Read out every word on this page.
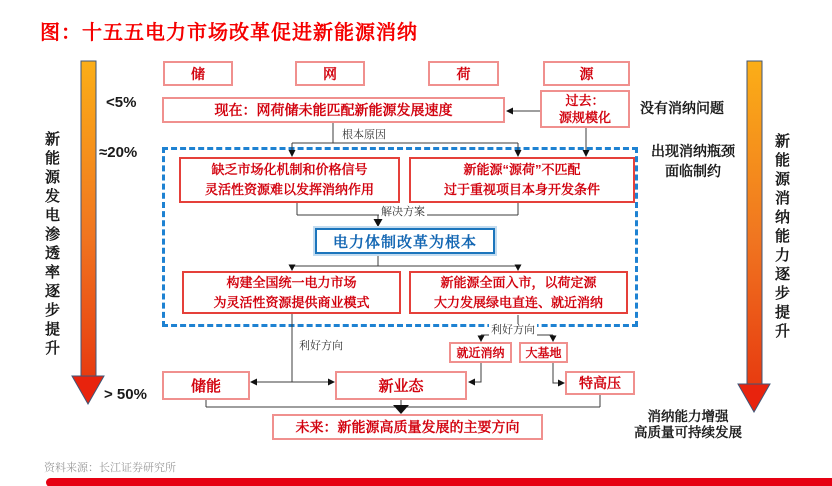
图：十五五电力市场改革促进新能源消纳
新能源发电渗透率逐步提升
<5%
≈20%
> 50%
新能源消纳能力逐步提升
没有消纳问题
出现消纳瓶颈
面临制约
消纳能力增强
高质量可持续发展
储	网	荷	源
现在：网荷储未能匹配新能源发展速度
过去：
源规模化
缺乏市场化机制和价格信号
灵活性资源难以发挥消纳作用
新能源“源荷”不匹配
过于重视项目本身开发条件
电力体制改革为根本
构建全国统一电力市场
为灵活性资源提供商业模式
新能源全面入市，以荷定源
大力发展绿电直连、就近消纳
就近消纳 大基地
储能	新业态	特高压
未来：新能源高质量发展的主要方向
根本原因
解决方案
利好方向
利好方向
资料来源：长江证券研究所
